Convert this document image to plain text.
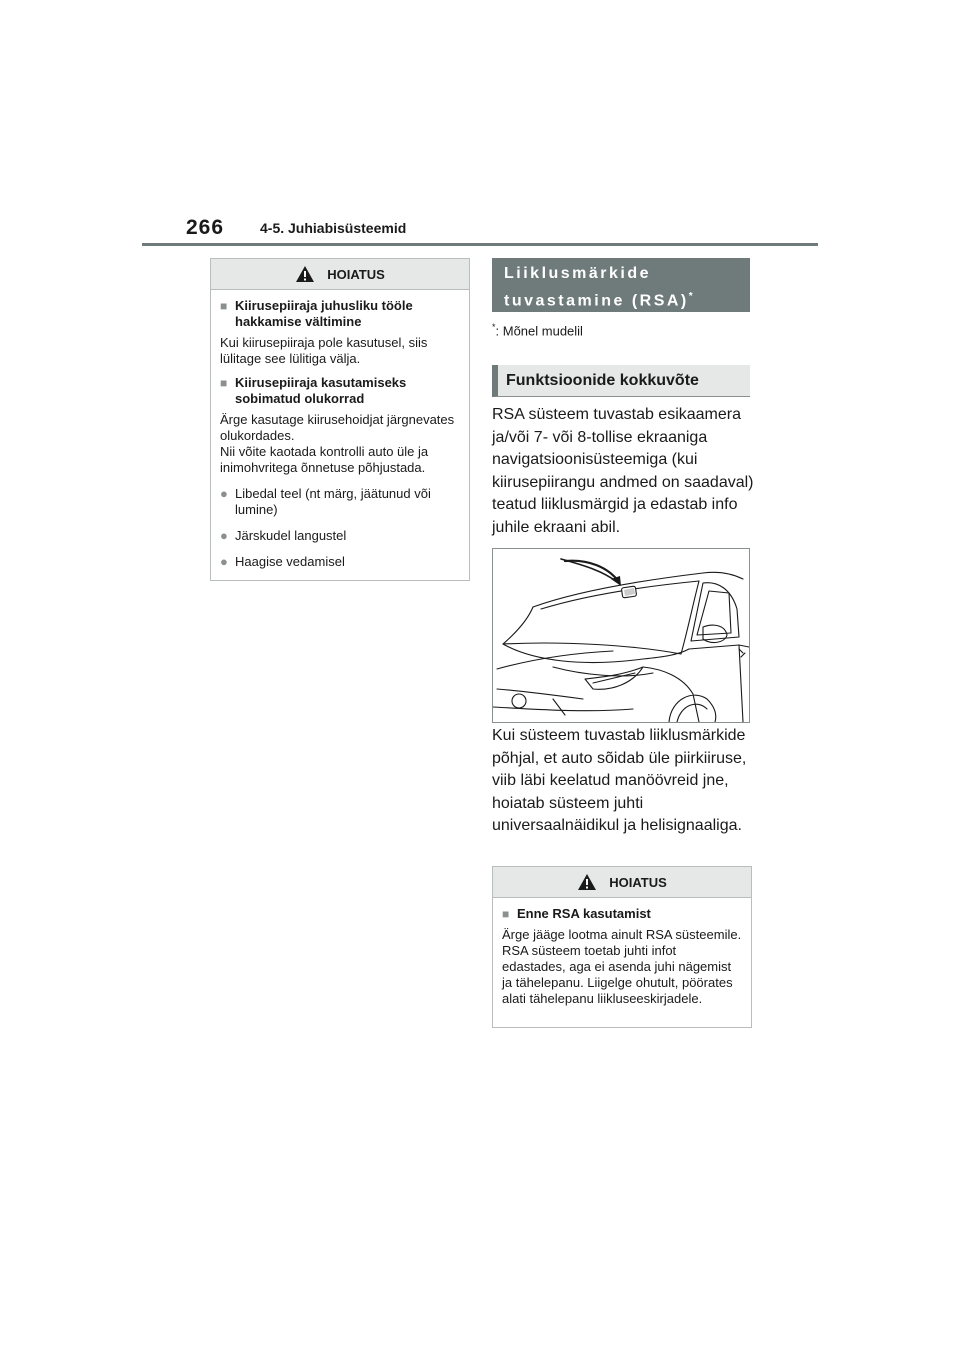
266	4-5. Juhiabisüsteemid
HOIATUS
■ Kiirusepiiraja juhusliku tööle hakkamise vältimine
Kui kiirusepiiraja pole kasutusel, siis lülitage see lülitiga välja.
■ Kiirusepiiraja kasutamiseks sobimatud olukorrad
Ärge kasutage kiirusehoidjat järgnevates olukordades.
Nii võite kaotada kontrolli auto üle ja inimohvritega õnnetuse põhjustada.
● Libedal teel (nt märg, jäätunud või lumine)
● Järskudel langustel
● Haagise vedamisel
Liiklusmärkide
tuvastamine (RSA)*
*: Mõnel mudelil
Funktsioonide kokkuvõte
RSA süsteem tuvastab esikaamera ja/või 7- või 8-tollise ekraaniga navigatsioonisüsteemiga (kui kiirusepiirangu andmed on saadaval) teatud liiklusmärgid ja edastab info juhile ekraani abil.
Kui süsteem tuvastab liiklusmärkide põhjal, et auto sõidab üle piirkiiruse, viib läbi keelatud manöövreid jne, hoiatab süsteem juhti universaalnäidikul ja helisignaaliga.
HOIATUS
■ Enne RSA kasutamist
Ärge jääge lootma ainult RSA süsteemile. RSA süsteem toetab juhti infot edastades, aga ei asenda juhi nägemist ja tähelepanu. Liigelge ohutult, pöörates alati tähelepanu liikluseeskirjadele.
